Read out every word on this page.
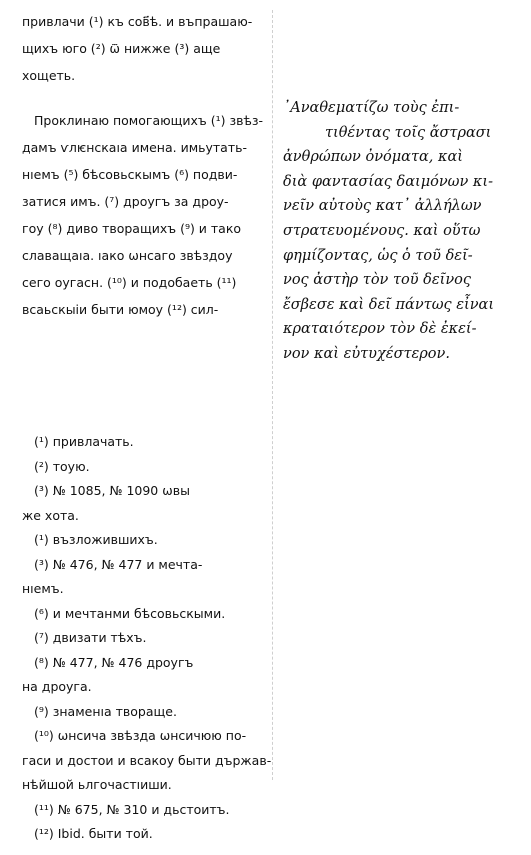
привлачи (¹) къ сов҃ѣ. и въпрашаю-
щихъ юго (²) ѿ нижже (³) аще
хощеть.
Проклинаю помогающихъ (¹) звѣз-
дамъ ѵлѥнскаıа имена. имьутать-
нıемъ (⁵) бѣсовьскымъ (⁶) подви-
затися имъ. (⁷) дроугъ за дроу-
гоу (⁸) диво творащихъ (⁹) и тако
славащаıа. ıако ѡнсаго звѣздоу
сего оугасн. (¹⁰) и подобаеть (¹¹)
всаьскыіи быти юмоу (¹²) сил-
᾿Αναθεματίζω τοὺς ἐπι-
τιθέντας τοῖς ἄστρασι
ἀνθρώπων ὀνόματα, καὶ
διὰ φαντασίας δαιμόνων κι-
νεῖν αὐτοὺς κατ᾿ ἀλλήλων
στρατευομένους. καὶ οὕτω
φημίζοντας, ὡς ὁ τοῦ δεῖ-
νος ἀστὴρ τὸν τοῦ δεῖνος
ἔσβεσε καὶ δεῖ πάντως εἶναι
κραταιότερον τὸν δὲ ἐκεί-
νον καὶ εὐτυχέστερον.
(¹) привлачать.
(²) тоую.
(³) № 1085, № 1090 ѡвы
же хота.
(¹) възложившихъ.
(³) № 476, № 477 и мечта-
нıемъ.
(⁶) и мечтанми бѣсовьскыми.
(⁷) двизати тѣхъ.
(⁸) № 477, № 476 дроугъ
на дроуга.
(⁹) знаменıа твораще.
(¹⁰) ѡнсича звѣзда ѡнсичюю по-
гаси и достои и всакоу быти държав-
нѣйшой ьлгочастıиши.
(¹¹) № 675, № 310 и дьстоитъ.
(¹²) Ibid. быти той.
